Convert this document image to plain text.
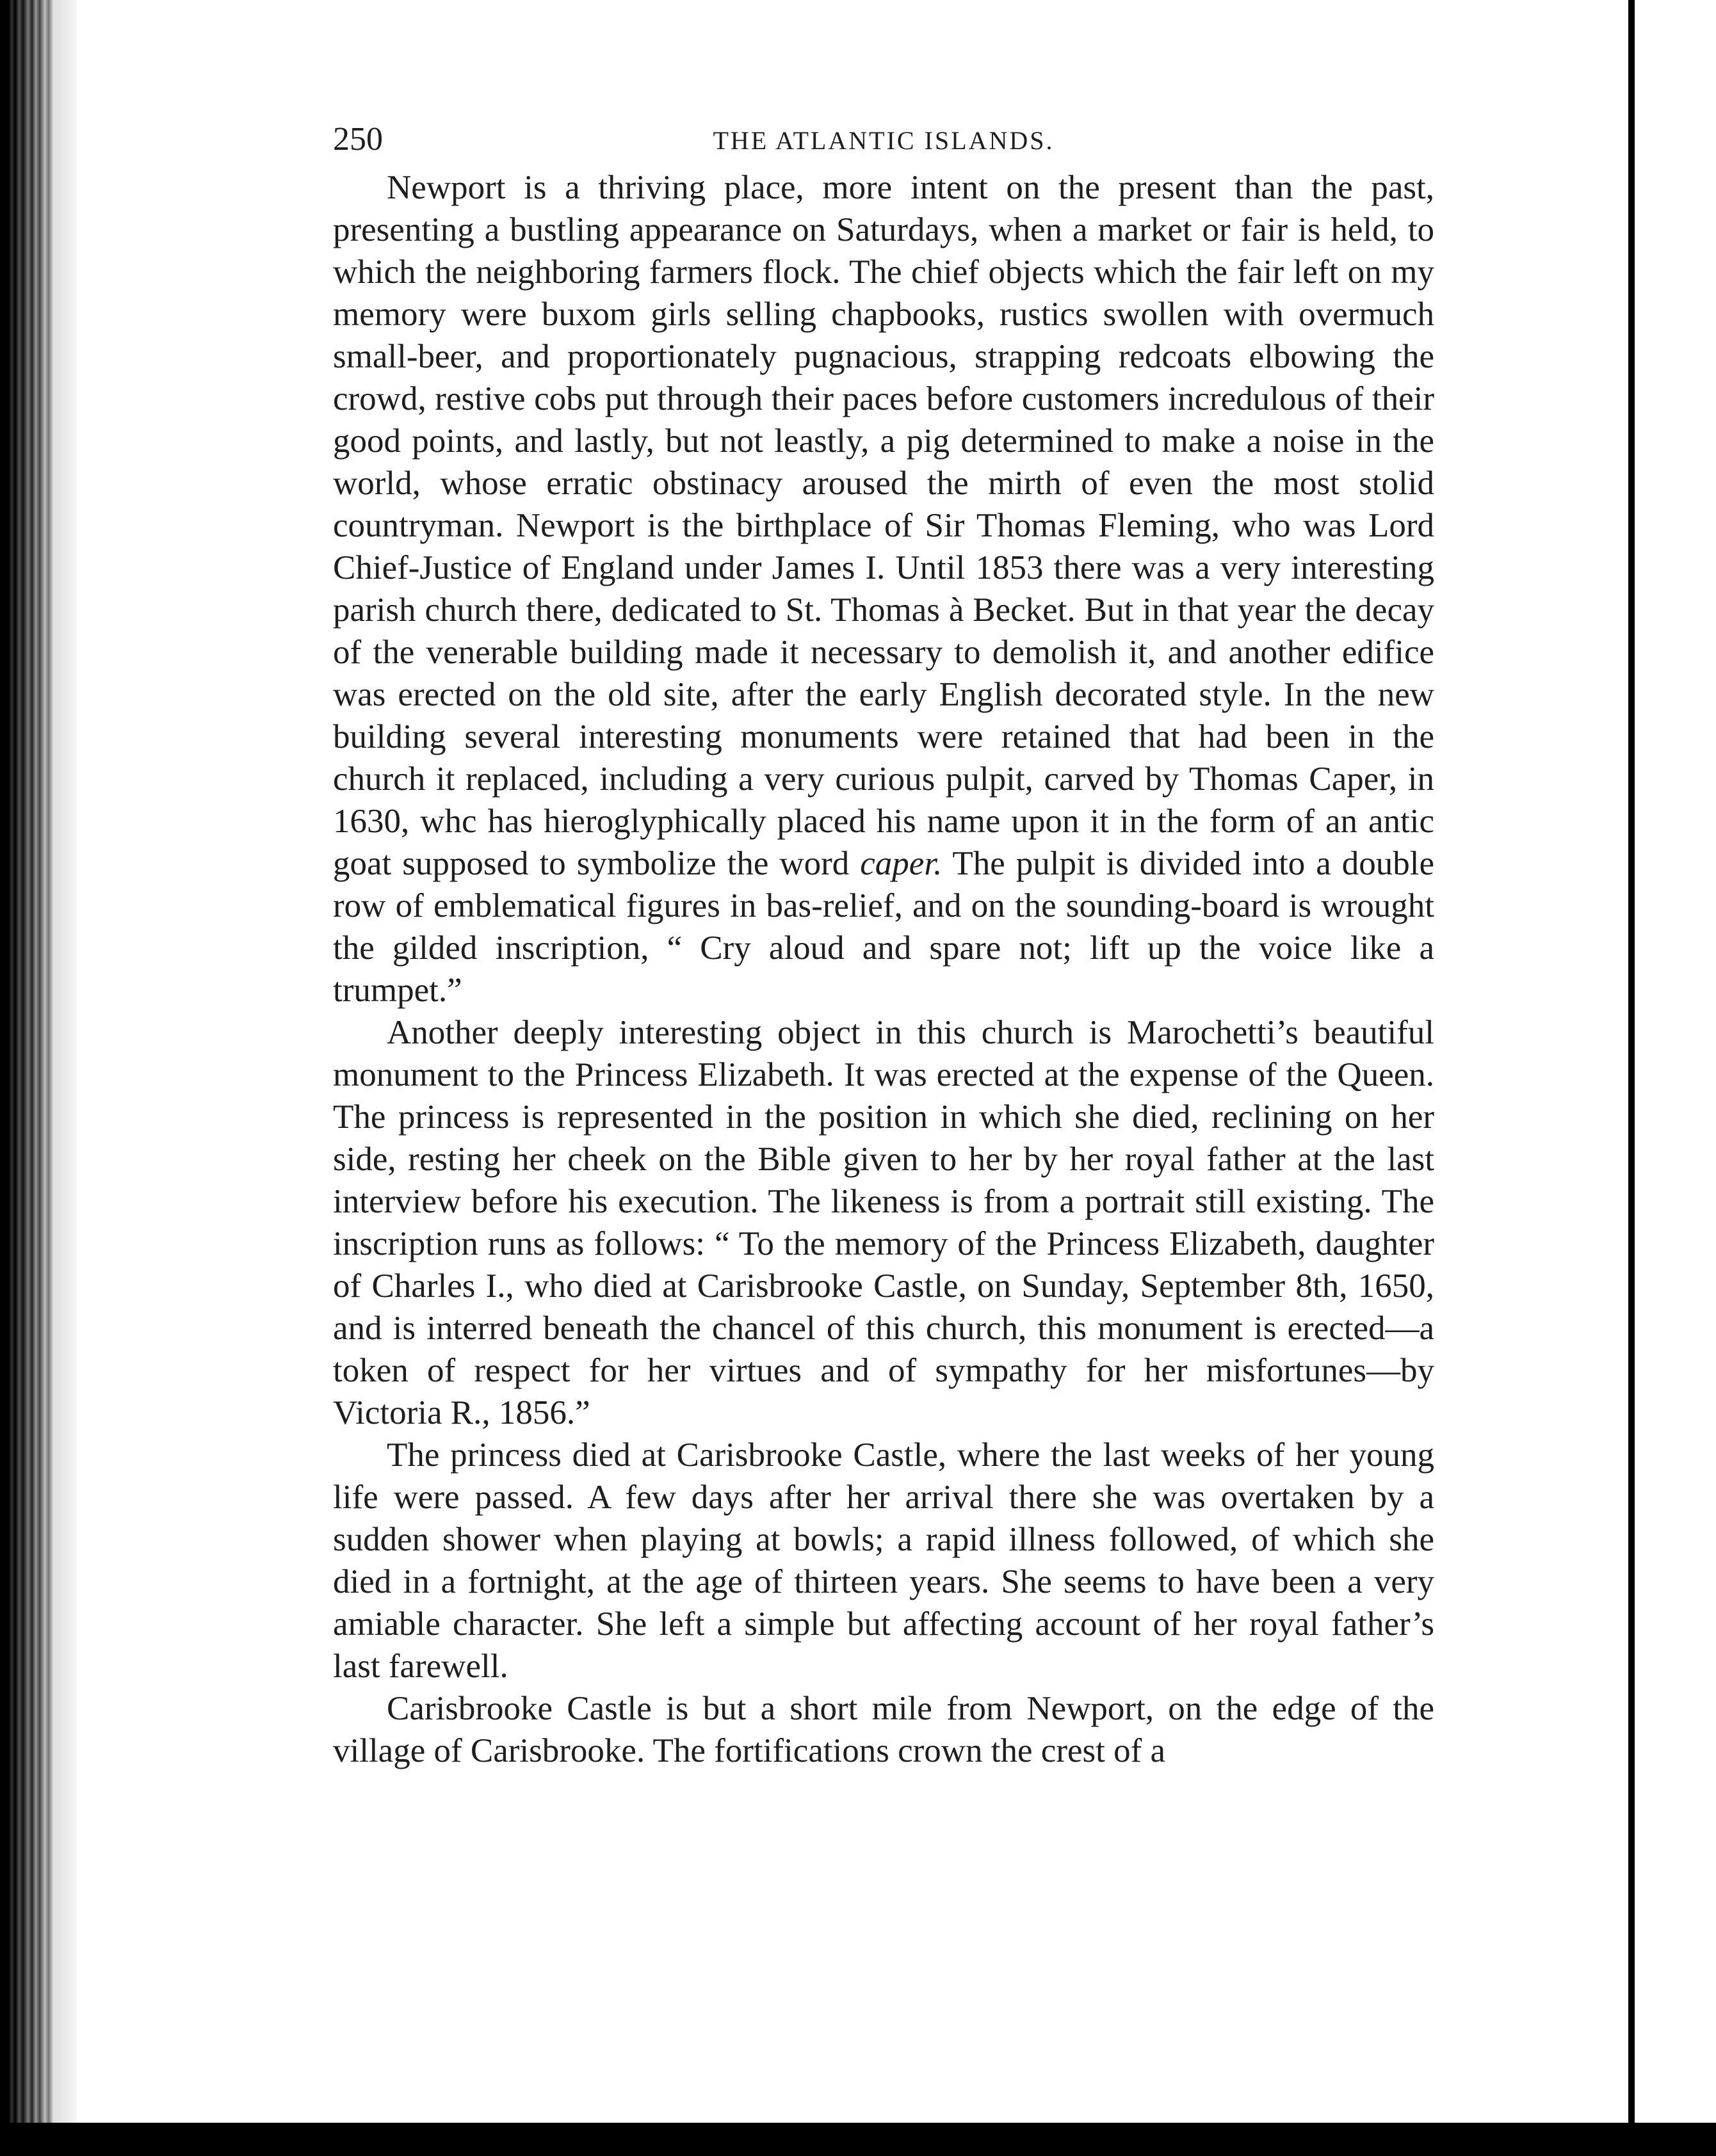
250	THE ATLANTIC ISLANDS.

Newport is a thriving place, more intent on the present than the past, presenting a bustling appearance on Saturdays, when a market or fair is held, to which the neighboring farmers flock. The chief objects which the fair left on my memory were buxom girls selling chapbooks, rustics swollen with overmuch small-beer, and proportionately pugnacious, strapping redcoats elbowing the crowd, restive cobs put through their paces before customers incredulous of their good points, and lastly, but not leastly, a pig determined to make a noise in the world, whose erratic obstinacy aroused the mirth of even the most stolid countryman. Newport is the birthplace of Sir Thomas Fleming, who was Lord Chief-Justice of England under James I. Until 1853 there was a very interesting parish church there, dedicated to St. Thomas à Becket. But in that year the decay of the venerable building made it necessary to demolish it, and another edifice was erected on the old site, after the early English decorated style. In the new building several interesting monuments were retained that had been in the church it replaced, including a very curious pulpit, carved by Thomas Caper, in 1630, whc has hieroglyphically placed his name upon it in the form of an antic goat supposed to symbolize the word caper. The pulpit is divided into a double row of emblematical figures in bas-relief, and on the sounding-board is wrought the gilded inscription, “ Cry aloud and spare not; lift up the voice like a trumpet.”

Another deeply interesting object in this church is Marochetti’s beautiful monument to the Princess Elizabeth. It was erected at the expense of the Queen. The princess is represented in the position in which she died, reclining on her side, resting her cheek on the Bible given to her by her royal father at the last interview before his execution. The likeness is from a portrait still existing. The inscription runs as follows: “ To the memory of the Princess Elizabeth, daughter of Charles I., who died at Carisbrooke Castle, on Sunday, September 8th, 1650, and is interred beneath the chancel of this church, this monument is erected—a token of respect for her virtues and of sympathy for her misfortunes—by Victoria R., 1856.”

The princess died at Carisbrooke Castle, where the last weeks of her young life were passed. A few days after her arrival there she was overtaken by a sudden shower when playing at bowls; a rapid illness followed, of which she died in a fortnight, at the age of thirteen years. She seems to have been a very amiable character. She left a simple but affecting account of her royal father’s last farewell.

Carisbrooke Castle is but a short mile from Newport, on the edge of the village of Carisbrooke. The fortifications crown the crest of a
